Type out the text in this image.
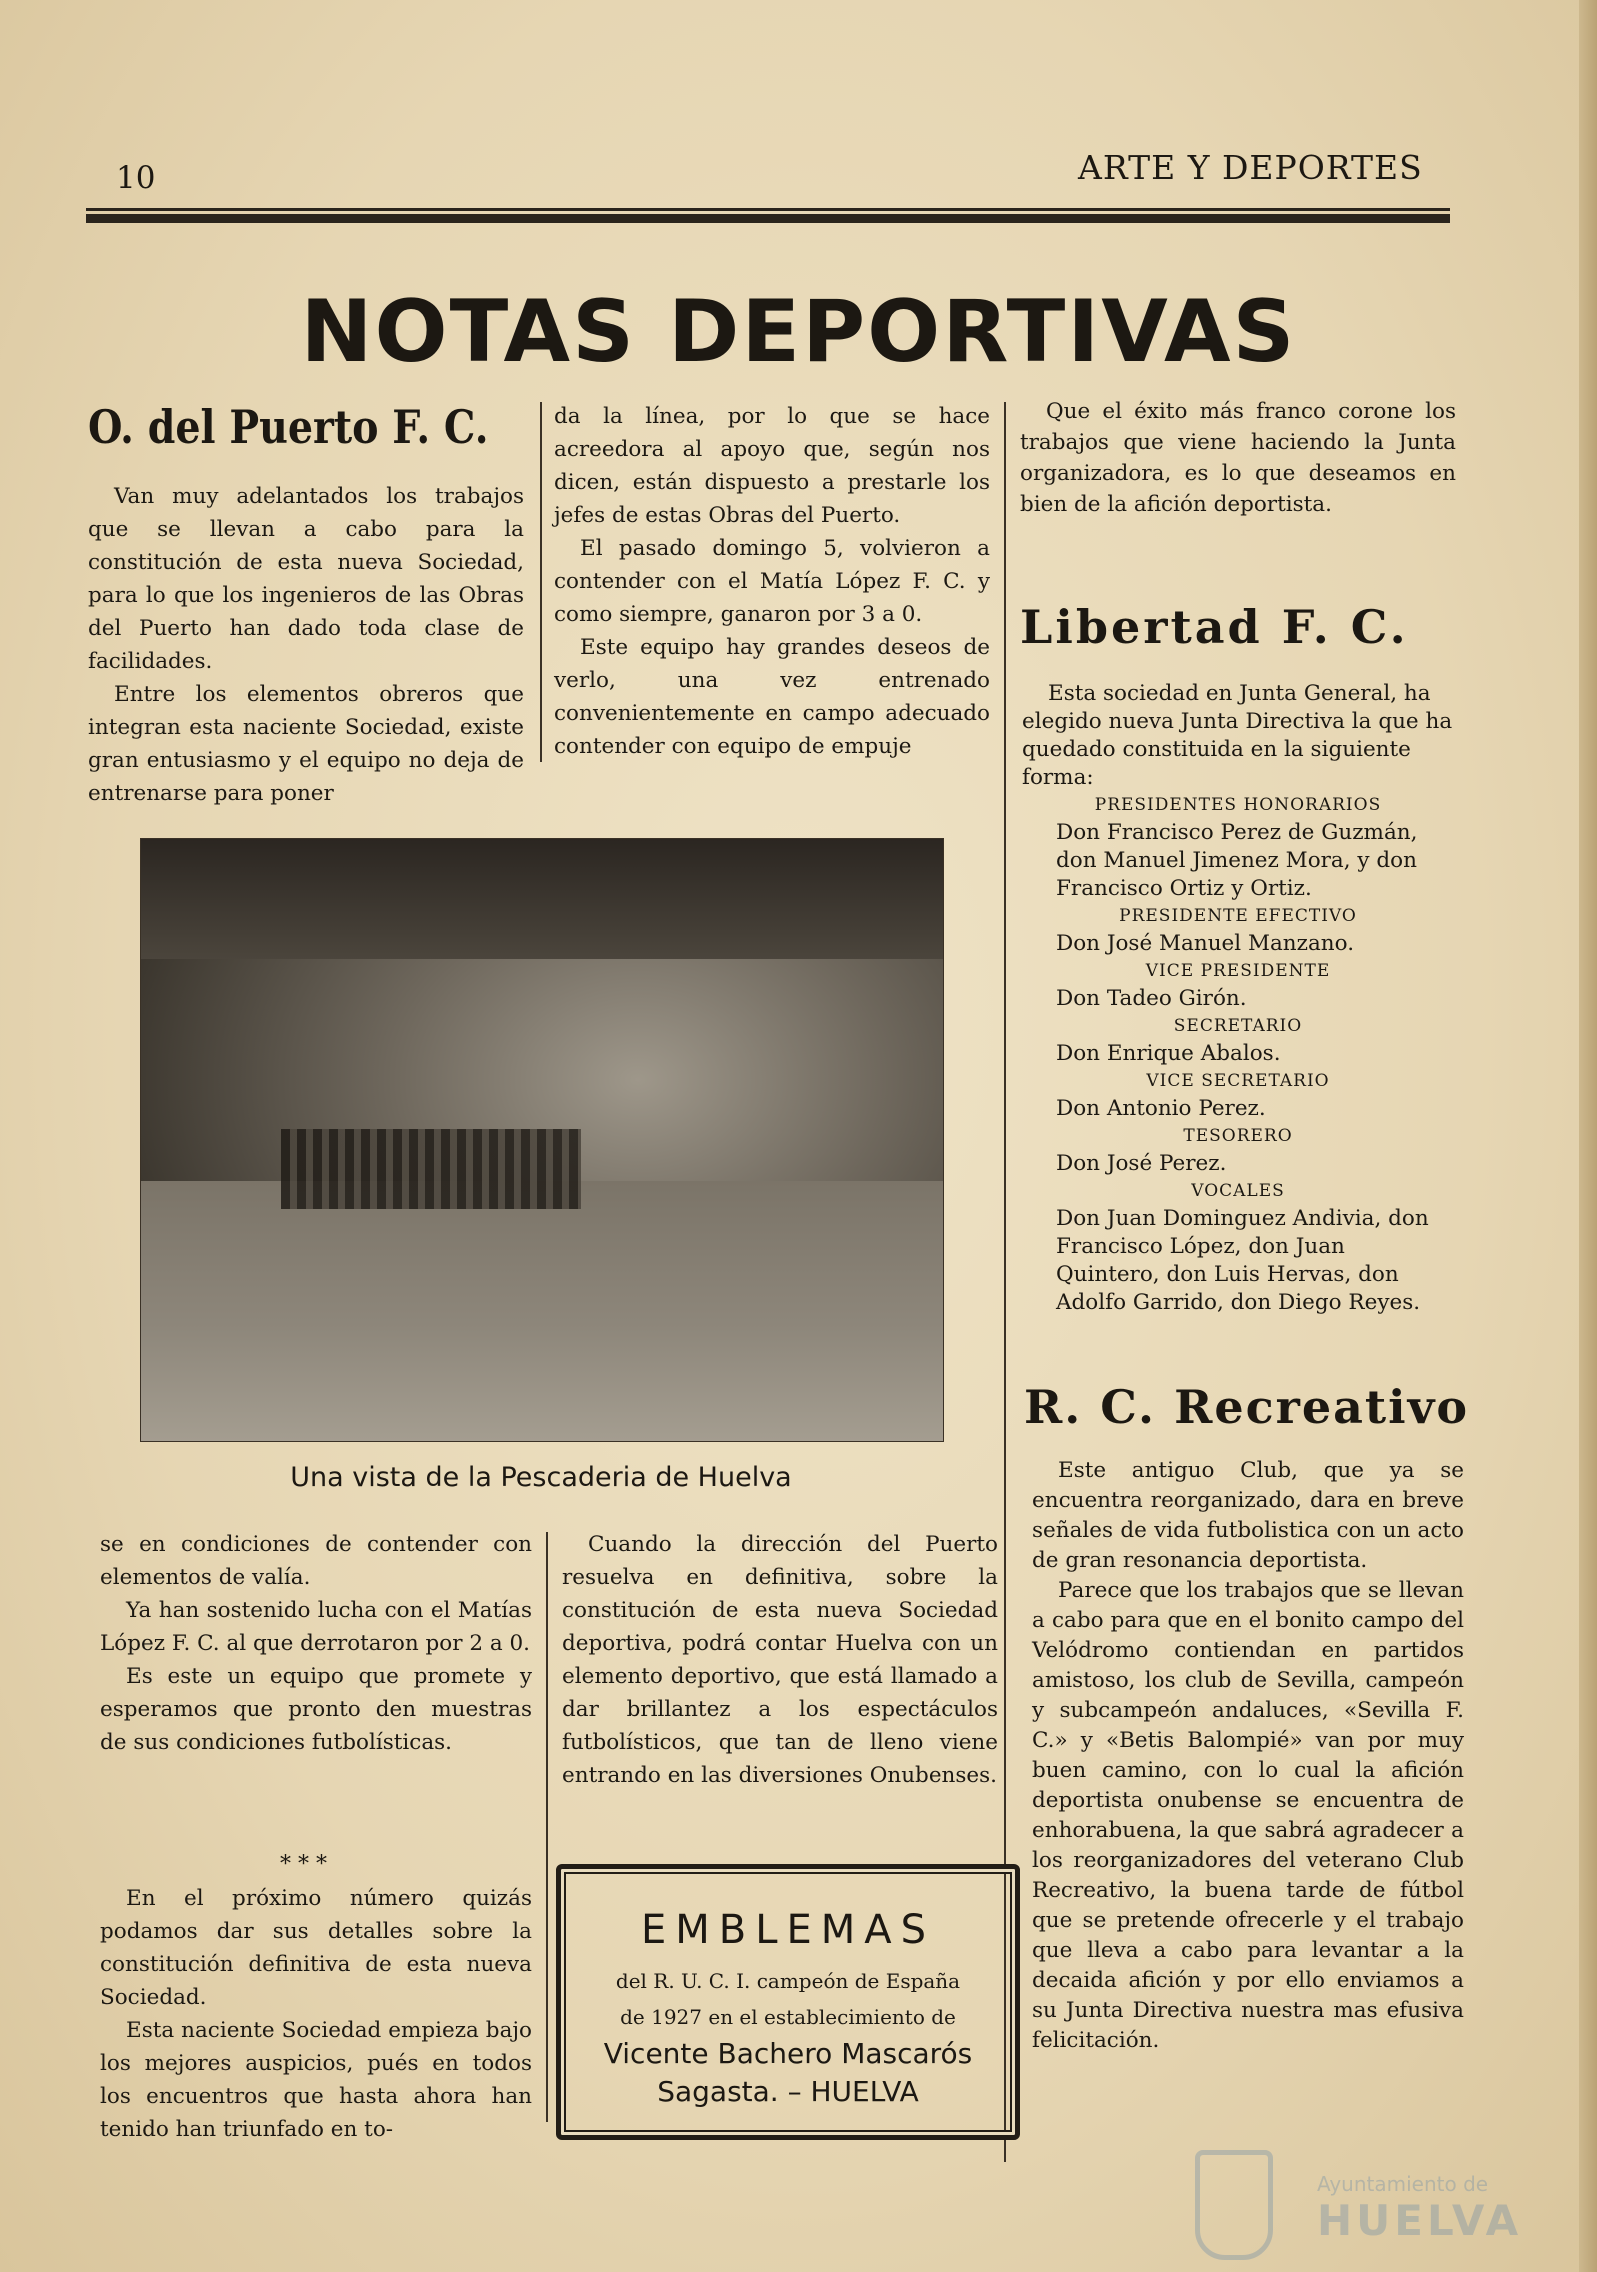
10	ARTE Y DEPORTES
NOTAS DEPORTIVAS
O. del Puerto F. C.

Van muy adelantados los trabajos que se llevan a cabo para la constitución de esta nueva Sociedad, para lo que los ingenieros de las Obras del Puerto han dado toda clase de facilidades.

Entre los elementos obreros que integran esta naciente Sociedad, existe gran entusiasmo y el equipo no deja de entrenarse para poner

da la línea, por lo que se hace acreedora al apoyo que, según nos dicen, están dispuesto a prestarle los jefes de estas Obras del Puerto.

El pasado domingo 5, volvieron a contender con el Matía López F. C. y como siempre, ganaron por 3 a 0.

Este equipo hay grandes deseos de verlo, una vez entrenado convenientemente en campo adecuado contender con equipo de empuje

Una vista de la Pescaderia de Huelva

se en condiciones de contender con elementos de valía.

Ya han sostenido lucha con el Matías López F. C. al que derrotaron por 2 a 0.

Es este un equipo que promete y esperamos que pronto den muestras de sus condiciones futbolísticas.

* * *

En el próximo número quizás podamos dar sus detalles sobre la constitución definitiva de esta nueva Sociedad.

Esta naciente Sociedad empieza bajo los mejores auspicios, pués en todos los encuentros que hasta ahora han tenido han triunfado en to-

Cuando la dirección del Puerto resuelva en definitiva, sobre la constitución de esta nueva Sociedad deportiva, podrá contar Huelva con un elemento deportivo, que está llamado a dar brillantez a los espectáculos futbolísticos, que tan de lleno viene entrando en las diversiones Onubenses.

EMBLEMAS
del R. U. C. I. campeón de España
de 1927 en el establecimiento de
Vicente Bachero Mascarós
Sagasta. – HUELVA

Que el éxito más franco corone los trabajos que viene haciendo la Junta organizadora, es lo que deseamos en bien de la afición deportista.

Libertad F. C.

Esta sociedad en Junta General, ha elegido nueva Junta Directiva la que ha quedado constituida en la siguiente forma:

PRESIDENTES HONORARIOS

Don Francisco Perez de Guzmán, don Manuel Jimenez Mora, y don Francisco Ortiz y Ortiz.

PRESIDENTE EFECTIVO

Don José Manuel Manzano.

VICE PRESIDENTE

Don Tadeo Girón.

SECRETARIO

Don Enrique Abalos.

VICE SECRETARIO

Don Antonio Perez.

TESORERO

Don José Perez.

VOCALES

Don Juan Dominguez Andivia, don Francisco López, don Juan Quintero, don Luis Hervas, don Adolfo Garrido, don Diego Reyes.

R. C. Recreativo

Este antiguo Club, que ya se encuentra reorganizado, dara en breve señales de vida futbolistica con un acto de gran resonancia deportista.

Parece que los trabajos que se llevan a cabo para que en el bonito campo del Velódromo contiendan en partidos amistoso, los club de Sevilla, campeón y subcampeón andaluces, «Sevilla F. C.» y «Betis Balompié» van por muy buen camino, con lo cual la afición deportista onubense se encuentra de enhorabuena, la que sabrá agradecer a los reorganizadores del veterano Club Recreativo, la buena tarde de fútbol que se pretende ofrecerle y el trabajo que lleva a cabo para levantar a la decaida afición y por ello enviamos a su Junta Directiva nuestra mas efusiva felicitación.

Ayuntamiento de
HUELVA
